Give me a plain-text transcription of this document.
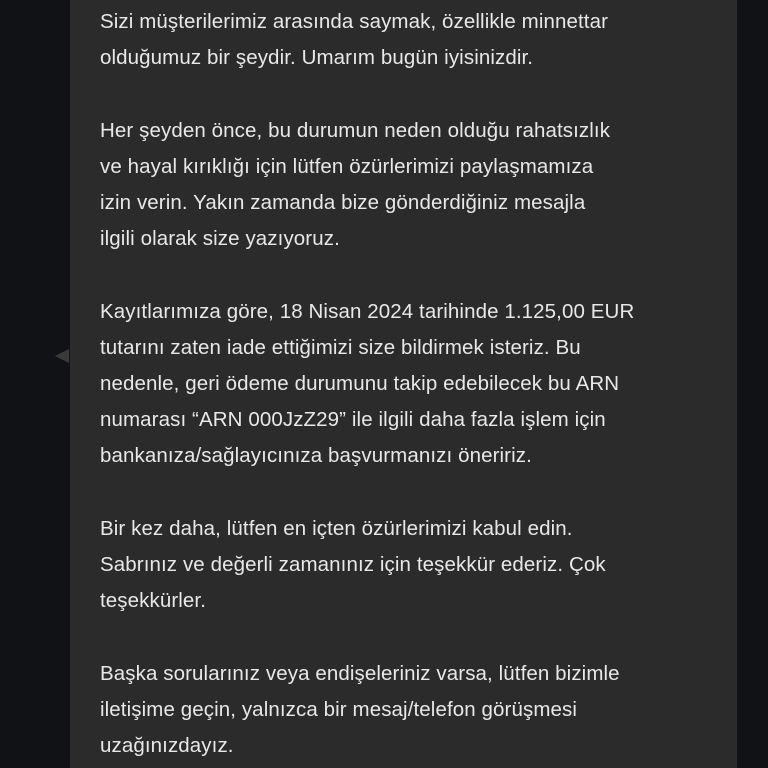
Sizi müşterilerimiz arasında saymak, özellikle minnettar
olduğumuz bir şeydir. Umarım bugün iyisinizdir.

Her şeyden önce, bu durumun neden olduğu rahatsızlık
ve hayal kırıklığı için lütfen özürlerimizi paylaşmamıza
izin verin. Yakın zamanda bize gönderdiğiniz mesajla
ilgili olarak size yazıyoruz.

Kayıtlarımıza göre, 18 Nisan 2024 tarihinde 1.125,00 EUR
tutarını zaten iade ettiğimizi size bildirmek isteriz. Bu
nedenle, geri ödeme durumunu takip edebilecek bu ARN
numarası “ARN 000JzZ29” ile ilgili daha fazla işlem için
bankanıza/sağlayıcınıza başvurmanızı öneririz.

Bir kez daha, lütfen en içten özürlerimizi kabul edin.
Sabrınız ve değerli zamanınız için teşekkür ederiz. Çok
teşekkürler.

Başka sorularınız veya endişeleriniz varsa, lütfen bizimle
iletişime geçin, yalnızca bir mesaj/telefon görüşmesi
uzağınızdayız.
